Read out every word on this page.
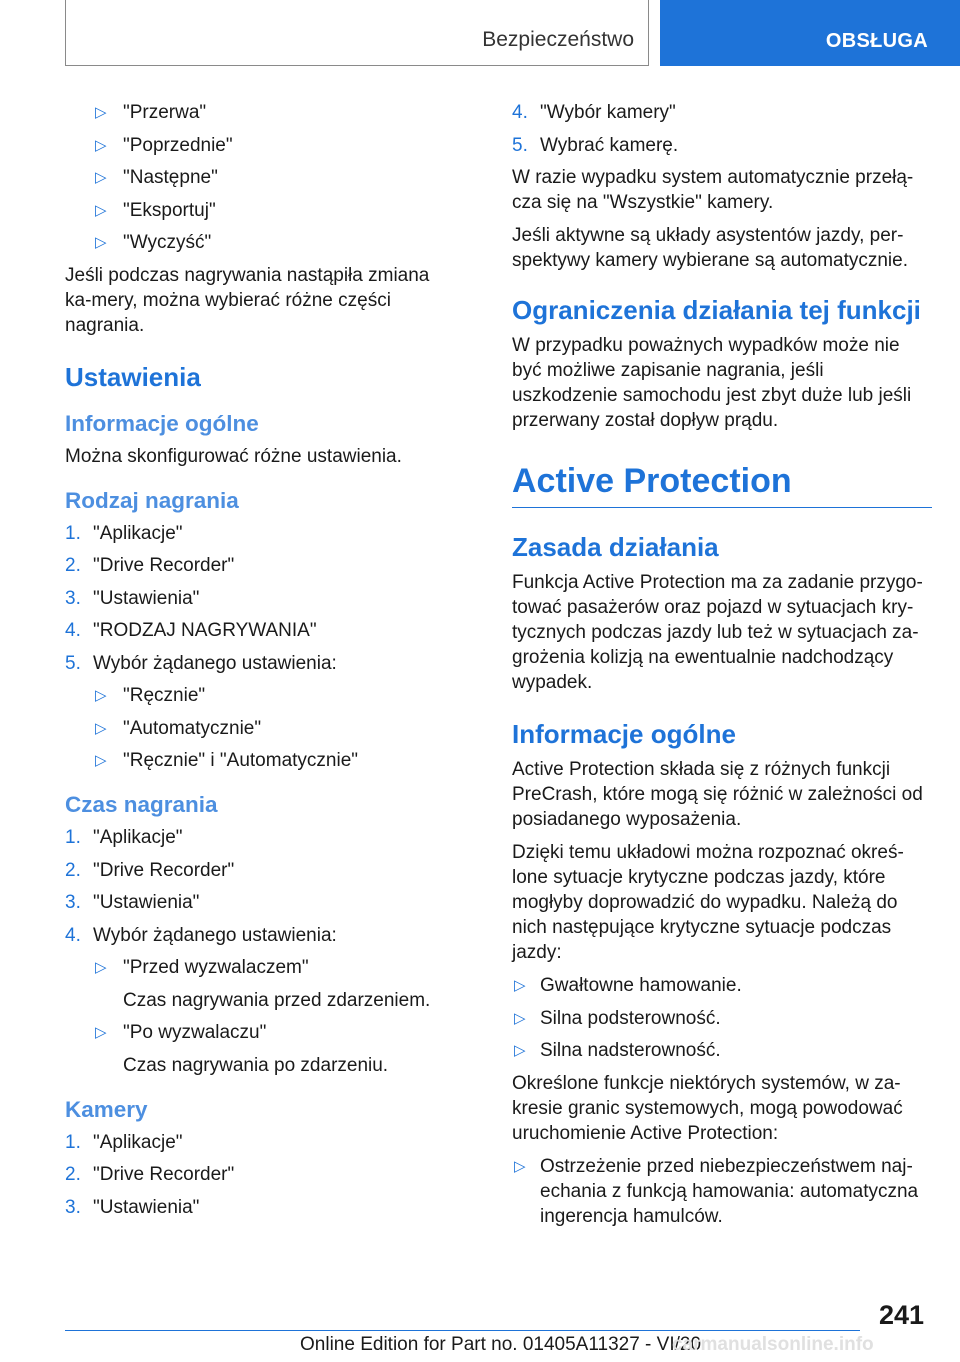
Bezpieczeństwo	OBSŁUGA
▷ "Przerwa"
▷ "Poprzednie"
▷ "Następne"
▷ "Eksportuj"
▷ "Wyczyść"

Jeśli podczas nagrywania nastąpiła zmiana ka-mery, można wybierać różne części nagrania.

Ustawienia
Informacje ogólne

Można skonfigurować różne ustawienia.

Rodzaj nagrania
1. "Aplikacje"
2. "Drive Recorder"
3. "Ustawienia"
4. "RODZAJ NAGRYWANIA"
5. Wybór żądanego ustawienia:
▷ "Ręcznie"
▷ "Automatycznie"
▷ "Ręcznie" i "Automatycznie"
Czas nagrania
1. "Aplikacje"
2. "Drive Recorder"
3. "Ustawienia"
4. Wybór żądanego ustawienia:
▷ "Przed wyzwalaczem"
Czas nagrywania przed zdarzeniem.
▷ "Po wyzwalaczu"
Czas nagrywania po zdarzeniu.
Kamery
1. "Aplikacje"
2. "Drive Recorder"
3. "Ustawienia"
4. "Wybór kamery"
5. Wybrać kamerę.

W razie wypadku system automatycznie przełą-cza się na "Wszystkie" kamery.

Jeśli aktywne są układy asystentów jazdy, per-spektywy kamery wybierane są automatycznie.

Ograniczenia działania tej funkcji

W przypadku poważnych wypadków może nie być możliwe zapisanie nagrania, jeśli uszkodzenie samochodu jest zbyt duże lub jeśli przerwany został dopływ prądu.

Active Protection
Zasada działania

Funkcja Active Protection ma za zadanie przygo-tować pasażerów oraz pojazd w sytuacjach kry-tycznych podczas jazdy lub też w sytuacjach za-grożenia kolizją na ewentualnie nadchodzący wypadek.

Informacje ogólne

Active Protection składa się z różnych funkcji PreCrash, które mogą się różnić w zależności od posiadanego wyposażenia.

Dzięki temu układowi można rozpoznać okreś-lone sytuacje krytyczne podczas jazdy, które mogłyby doprowadzić do wypadku. Należą do nich następujące krytyczne sytuacje podczas jazdy:

▷ Gwałtowne hamowanie.
▷ Silna podsterowność.
▷ Silna nadsterowność.

Określone funkcje niektórych systemów, w za-kresie granic systemowych, mogą powodować uruchomienie Active Protection:

▷ Ostrzeżenie przed niebezpieczeństwem naj-echania z funkcją hamowania: automatyczna ingerencja hamulców.
241
Online Edition for Part no. 01405A11327 - VI/20
carmanualsonline.info
